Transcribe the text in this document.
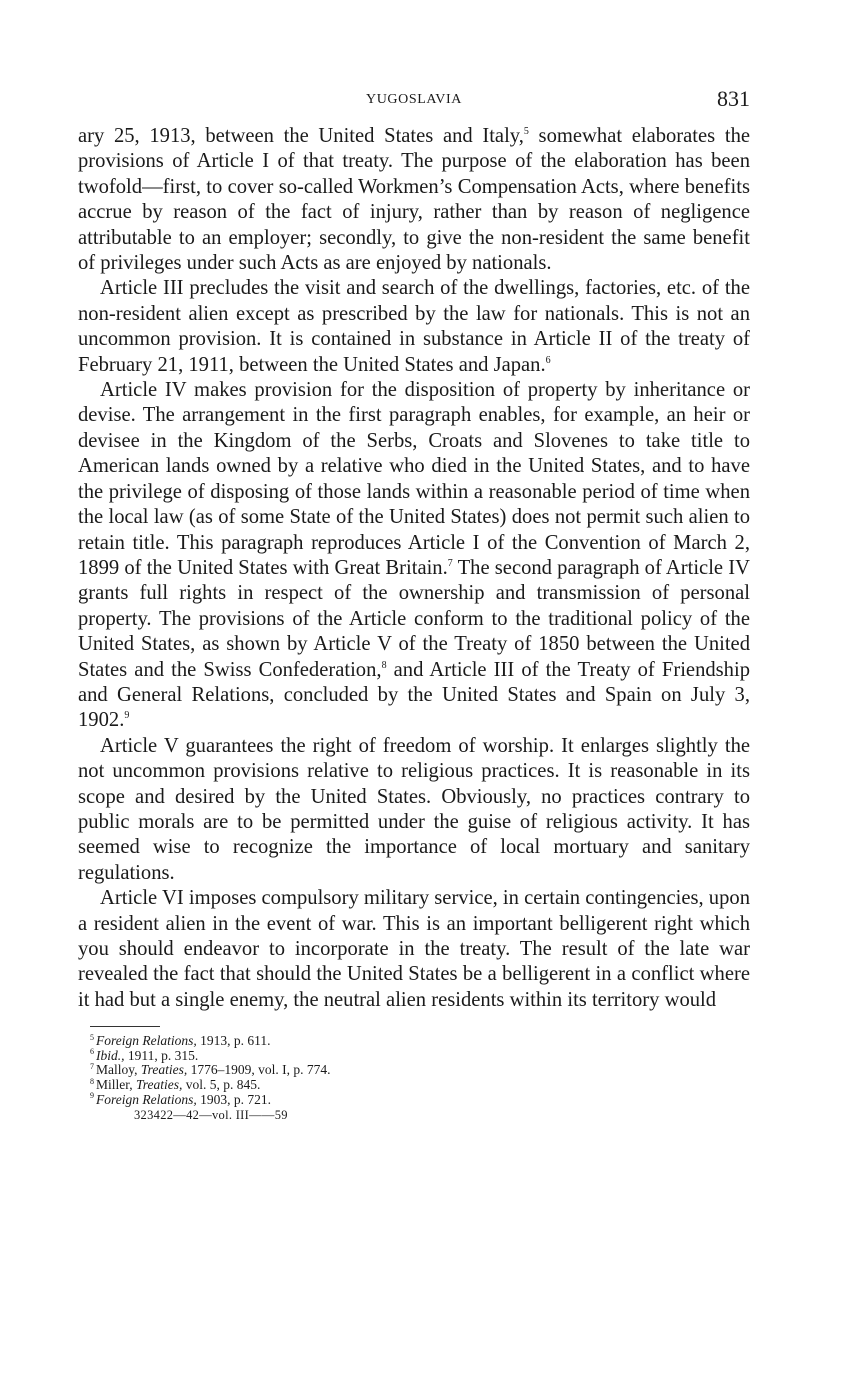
YUGOSLAVIA	831

ary 25, 1913, between the United States and Italy,$^5$ somewhat elaborates the provisions of Article I of that treaty. The purpose of the elaboration has been twofold—first, to cover so-called Workmen’s Compensation Acts, where benefits accrue by reason of the fact of injury, rather than by reason of negligence attributable to an employer; secondly, to give the non-resident the same benefit of privileges under such Acts as are enjoyed by nationals.

Article III precludes the visit and search of the dwellings, factories, etc. of the non-resident alien except as prescribed by the law for nationals. This is not an uncommon provision. It is contained in substance in Article II of the treaty of February 21, 1911, between the United States and Japan.$^6$

Article IV makes provision for the disposition of property by inheritance or devise. The arrangement in the first paragraph enables, for example, an heir or devisee in the Kingdom of the Serbs, Croats and Slovenes to take title to American lands owned by a relative who died in the United States, and to have the privilege of disposing of those lands within a reasonable period of time when the local law (as of some State of the United States) does not permit such alien to retain title. This paragraph reproduces Article I of the Convention of March 2, 1899 of the United States with Great Britain.$^7$ The second paragraph of Article IV grants full rights in respect of the ownership and transmission of personal property. The provisions of the Article conform to the traditional policy of the United States, as shown by Article V of the Treaty of 1850 between the United States and the Swiss Confederation,$^8$ and Article III of the Treaty of Friendship and General Relations, concluded by the United States and Spain on July 3, 1902.$^9$

Article V guarantees the right of freedom of worship. It enlarges slightly the not uncommon provisions relative to religious practices. It is reasonable in its scope and desired by the United States. Obviously, no practices contrary to public morals are to be permitted under the guise of religious activity. It has seemed wise to recognize the importance of local mortuary and sanitary regulations.

Article VI imposes compulsory military service, in certain contingencies, upon a resident alien in the event of war. This is an important belligerent right which you should endeavor to incorporate in the treaty. The result of the late war revealed the fact that should the United States be a belligerent in a conflict where it had but a single enemy, the neutral alien residents within its territory would

$^5$ Foreign Relations, 1913, p. 611.
$^6$ Ibid., 1911, p. 315.
$^7$ Malloy, Treaties, 1776–1909, vol. I, p. 774.
$^8$ Miller, Treaties, vol. 5, p. 845.
$^9$ Foreign Relations, 1903, p. 721.
323422—42—vol. III——59
